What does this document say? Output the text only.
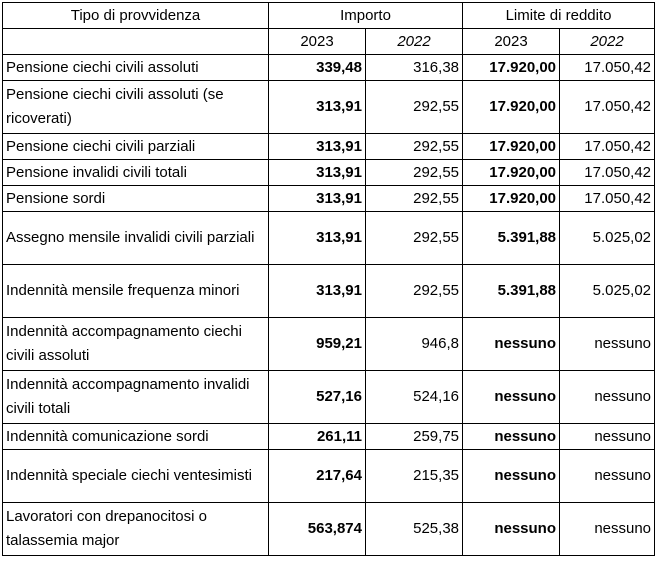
Tipo di provvidenza	Importo		Limite di reddito	
	2023	2022	2023	2022
Pensione ciechi civili assoluti	339,48	316,38	17.920,00	17.050,42
Pensione ciechi civili assoluti (se ricoverati)	313,91	292,55	17.920,00	17.050,42
Pensione ciechi civili parziali	313,91	292,55	17.920,00	17.050,42
Pensione invalidi civili totali	313,91	292,55	17.920,00	17.050,42
Pensione sordi	313,91	292,55	17.920,00	17.050,42
Assegno mensile invalidi civili parziali	313,91	292,55	5.391,88	5.025,02
Indennità mensile frequenza minori	313,91	292,55	5.391,88	5.025,02
Indennità accompagnamento ciechi civili assoluti	959,21	946,8	nessuno	nessuno
Indennità accompagnamento invalidi civili totali	527,16	524,16	nessuno	nessuno
Indennità comunicazione sordi	261,11	259,75	nessuno	nessuno
Indennità speciale ciechi ventesimisti	217,64	215,35	nessuno	nessuno
Lavoratori con drepanocitosi o talassemia major	563,874	525,38	nessuno	nessuno
